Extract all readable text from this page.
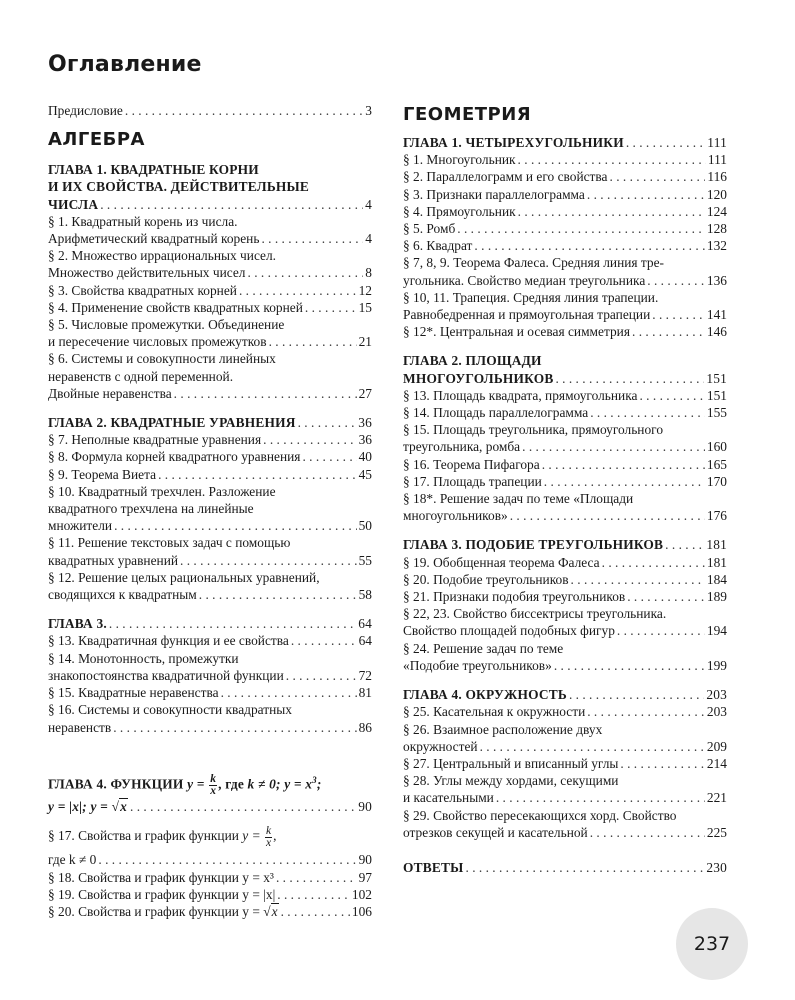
Оглавление
Предисловие . . .	3
АЛГЕБРА
ГЛАВА 1. КВАДРАТНЫЕ КОРНИ
И ИХ СВОЙСТВА. ДЕЙСТВИТЕЛЬНЫЕ
ЧИСЛА . . .	4
§ 1. Квадратный корень из числа.
Арифметический квадратный корень . . .	4
§ 2. Множество иррациональных чисел.
Множество действительных чисел . . .	8
§ 3. Свойства квадратных корней . . .	12
§ 4. Применение свойств квадратных корней . . .	15
§ 5. Числовые промежутки. Объединение
и пересечение числовых промежутков . . .	21
§ 6. Системы и совокупности линейных
неравенств с одной переменной.
Двойные неравенства . . .	27
ГЛАВА 2. КВАДРАТНЫЕ УРАВНЕНИЯ . . .	36
§ 7. Неполные квадратные уравнения . . .	36
§ 8. Формула корней квадратного уравнения . . .	40
§ 9. Теорема Виета . . .	45
§ 10. Квадратный трехчлен. Разложение
квадратного трехчлена на линейные
множители . . .	50
§ 11. Решение текстовых задач с помощью
квадратных уравнений . . .	55
§ 12. Решение целых рациональных уравнений,
сводящихся к квадратным . . .	58
ГЛАВА 3. . . .	64
§ 13. Квадратичная функция и ее свойства . . .	64
§ 14. Монотонность, промежутки
знакопостоянства квадратичной функции . . .	72
§ 15. Квадратные неравенства . . .	81
§ 16. Системы и совокупности квадратных
неравенств . . .	86
ГЛАВА 4. ФУНКЦИИ $y = \frac{k}{x}$ , где k ≠ 0; $y = x^3$;
y = |x|; y = √x . . .	90
§ 17. Свойства и график функции $y = \frac{k}{x}$ ,
где k ≠ 0 . . .	90
§ 18. Свойства и график функции y = x³ . . .	97
§ 19. Свойства и график функции y = |x| . . .	102
§ 20. Свойства и график функции y = √x . . .	106
ГЕОМЕТРИЯ
ГЛАВА 1. ЧЕТЫРЕХУГОЛЬНИКИ . . .	111
§ 1. Многоугольник . . .	111
§ 2. Параллелограмм и его свойства . . .	116
§ 3. Признаки параллелограмма . . .	120
§ 4. Прямоугольник . . .	124
§ 5. Ромб . . .	128
§ 6. Квадрат . . .	132
§ 7, 8, 9. Теорема Фалеса. Средняя линия тре-
угольника. Свойство медиан треугольника . . .	136
§ 10, 11. Трапеция. Средняя линия трапеции.
Равнобедренная и прямоугольная трапеции . . .	141
§ 12*. Центральная и осевая симметрия . . .	146
ГЛАВА 2. ПЛОЩАДИ
МНОГОУГОЛЬНИКОВ . . .	151
§ 13. Площадь квадрата, прямоугольника . . .	151
§ 14. Площадь параллелограмма . . .	155
§ 15. Площадь треугольника, прямоугольного
треугольника, ромба . . .	160
§ 16. Теорема Пифагора . . .	165
§ 17. Площадь трапеции . . .	170
§ 18*. Решение задач по теме «Площади
многоугольников» . . .	176
ГЛАВА 3. ПОДОБИЕ ТРЕУГОЛЬНИКОВ . . .	181
§ 19. Обобщенная теорема Фалеса . . .	181
§ 20. Подобие треугольников . . .	184
§ 21. Признаки подобия треугольников . . .	189
§ 22, 23. Свойство биссектрисы треугольника.
Свойство площадей подобных фигур . . .	194
§ 24. Решение задач по теме
«Подобие треугольников» . . .	199
ГЛАВА 4. ОКРУЖНОСТЬ . . .	203
§ 25. Касательная к окружности . . .	203
§ 26. Взаимное расположение двух
окружностей . . .	209
§ 27. Центральный и вписанный углы . . .	214
§ 28. Углы между хордами, секущими
и касательными . . .	221
§ 29. Свойство пересекающихся хорд. Свойство
отрезков секущей и касательной . . .	225
ОТВЕТЫ . . .	230
237
